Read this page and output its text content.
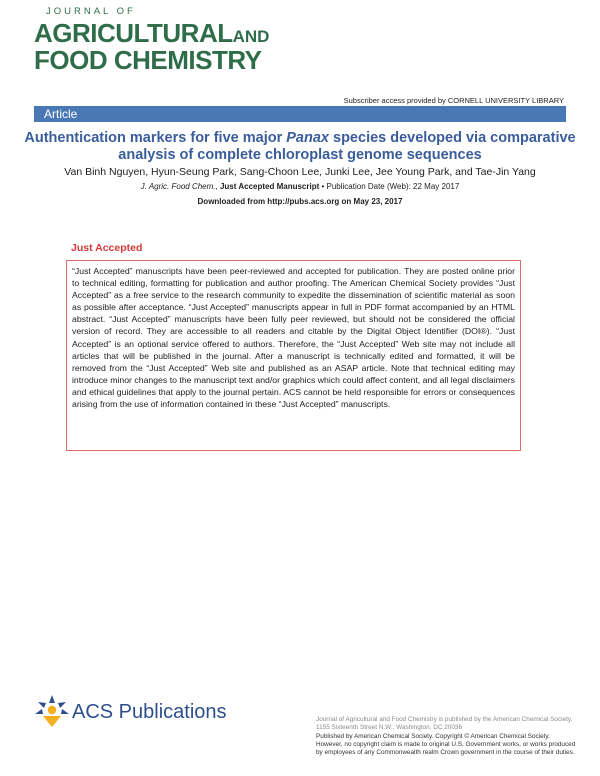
JOURNAL OF
AGRICULTURALAND
FOOD CHEMISTRY
Subscriber access provided by CORNELL UNIVERSITY LIBRARY
Article
Authentication markers for five major Panax species developed via comparative analysis of complete chloroplast genome sequences
Van Binh Nguyen, Hyun-Seung Park, Sang-Choon Lee, Junki Lee, Jee Young Park, and Tae-Jin Yang
J. Agric. Food Chem., Just Accepted Manuscript • Publication Date (Web): 22 May 2017
Downloaded from http://pubs.acs.org on May 23, 2017
Just Accepted
“Just Accepted” manuscripts have been peer-reviewed and accepted for publication. They are posted online prior to technical editing, formatting for publication and author proofing. The American Chemical Society provides “Just Accepted” as a free service to the research community to expedite the dissemination of scientific material as soon as possible after acceptance. “Just Accepted” manuscripts appear in full in PDF format accompanied by an HTML abstract. “Just Accepted” manuscripts have been fully peer reviewed, but should not be considered the official version of record. They are accessible to all readers and citable by the Digital Object Identifier (DOI®). “Just Accepted” is an optional service offered to authors. Therefore, the “Just Accepted” Web site may not include all articles that will be published in the journal. After a manuscript is technically edited and formatted, it will be removed from the “Just Accepted” Web site and published as an ASAP article. Note that technical editing may introduce minor changes to the manuscript text and/or graphics which could affect content, and all legal disclaimers and ethical guidelines that apply to the journal pertain. ACS cannot be held responsible for errors or consequences arising from the use of information contained in these “Just Accepted” manuscripts.
ACS Publications	Journal of Agricultural and Food Chemistry is published by the American Chemical Society. 1155 Sixteenth Street N.W., Washington, DC 20036
Published by American Chemical Society. Copyright © American Chemical Society. However, no copyright claim is made to original U.S. Government works, or works produced by employees of any Commonwealth realm Crown government in the course of their duties.
